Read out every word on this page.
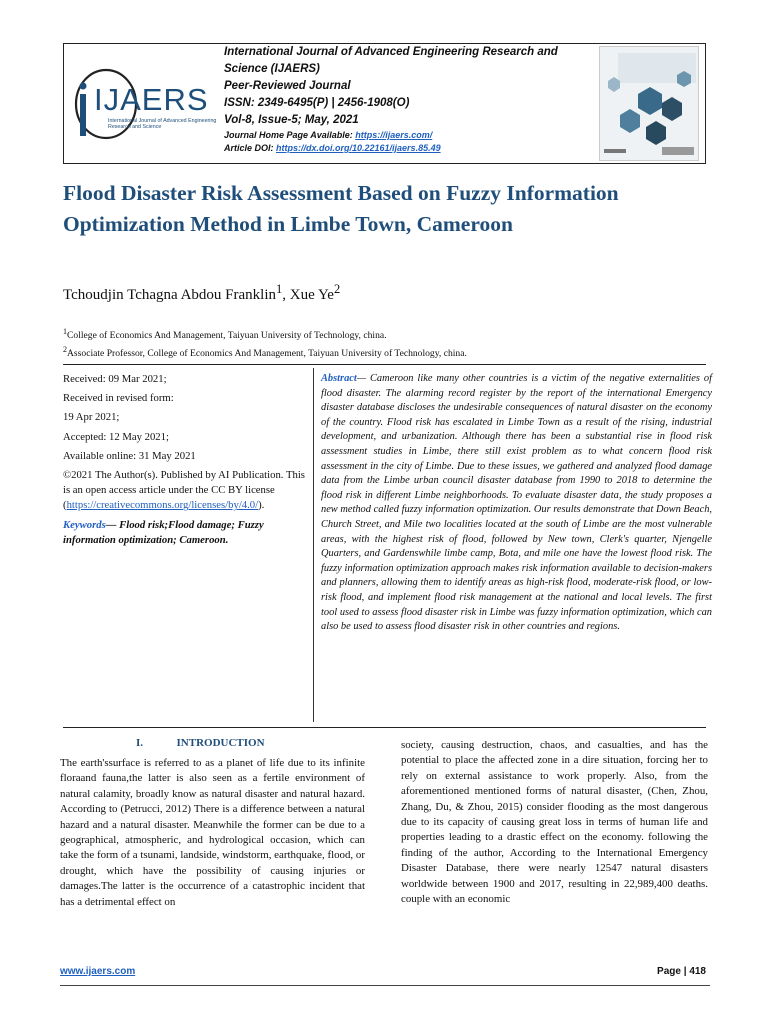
IJAERS
International Journal of Advanced Engineering Research and Science
International Journal of Advanced Engineering Research and
Science (IJAERS)
Peer-Reviewed Journal
ISSN: 2349-6495(P) | 2456-1908(O)
Vol-8, Issue-5; May, 2021
Journal Home Page Available: https://ijaers.com/
Article DOI: https://dx.doi.org/10.22161/ijaers.85.49
Flood Disaster Risk Assessment Based on Fuzzy Information Optimization Method in Limbe Town, Cameroon
Tchoudjin Tchagna Abdou Franklin$^1$, Xue Ye$^2$
$^1$College of Economics And Management, Taiyuan University of Technology, china.
$^2$Associate Professor, College of Economics And Management, Taiyuan University of Technology, china.

Received: 09 Mar 2021;

Received in revised form:

19 Apr 2021;

Accepted: 12 May 2021;

Available online: 31 May 2021

©2021 The Author(s). Published by AI Publication. This is an open access article under the CC BY license (https://creativecommons.org/licenses/by/4.0/).

Keywords— Flood risk;Flood damage; Fuzzy information optimization; Cameroon.

Abstract— Cameroon like many other countries is a victim of the negative externalities of flood disaster. The alarming record register by the report of the international Emergency disaster database discloses the undesirable consequences of natural disaster on the economy of the country. Flood risk has escalated in Limbe Town as a result of the rising, industrial development, and urbanization. Although there has been a substantial rise in flood risk assessment studies in Limbe, there still exist problem as to what concern flood risk assessment in the city of Limbe. Due to these issues, we gathered and analyzed flood damage data from the Limbe urban council disaster database from 1990 to 2018 to determine the flood risk in different Limbe neighborhoods. To evaluate disaster data, the study proposes a new method called fuzzy information optimization. Our results demonstrate that Down Beach, Church Street, and Mile two localities located at the south of Limbe are the most vulnerable areas, with the highest risk of flood, followed by New town, Clerk's quarter, Njengelle Quarters, and Gardenswhile limbe camp, Bota, and mile one have the lowest flood risk. The fuzzy information optimization approach makes risk information available to decision-makers and planners, allowing them to identify areas as high-risk flood, moderate-risk flood, or low-risk flood, and implement flood risk management at the national and local levels. The first tool used to assess flood disaster risk in Limbe was fuzzy information optimization, which can also be used to assess flood disaster risk in other countries and regions.
I.	INTRODUCTION
The earth'ssurface is referred to as a planet of life due to its infinite floraand fauna,the latter is also seen as a fertile environment of natural calamity, broadly know as natural disaster and natural hazard. According to (Petrucci, 2012) There is a difference between a natural hazard and a natural disaster. Meanwhile the former can be due to a geographical, atmospheric, and hydrological occasion, which can take the form of a tsunami, landside, windstorm, earthquake, flood, or drought, which have the possibility of causing injuries or damages.The latter is the occurrence of a catastrophic incident that has a detrimental effect on
society, causing destruction, chaos, and casualties, and has the potential to place the affected zone in a dire situation, forcing her to rely on external assistance to work properly. Also, from the aforementioned mentioned forms of natural disaster, (Chen, Zhou, Zhang, Du, & Zhou, 2015) consider flooding as the most dangerous due to its capacity of causing great loss in terms of human life and properties leading to a drastic effect on the economy. following the finding of the author, According to the International Emergency Disaster Database, there were nearly 12547 natural disasters worldwide between 1900 and 2017, resulting in 22,989,400 deaths. couple with an economic
www.ijaers.com	Page | 418
